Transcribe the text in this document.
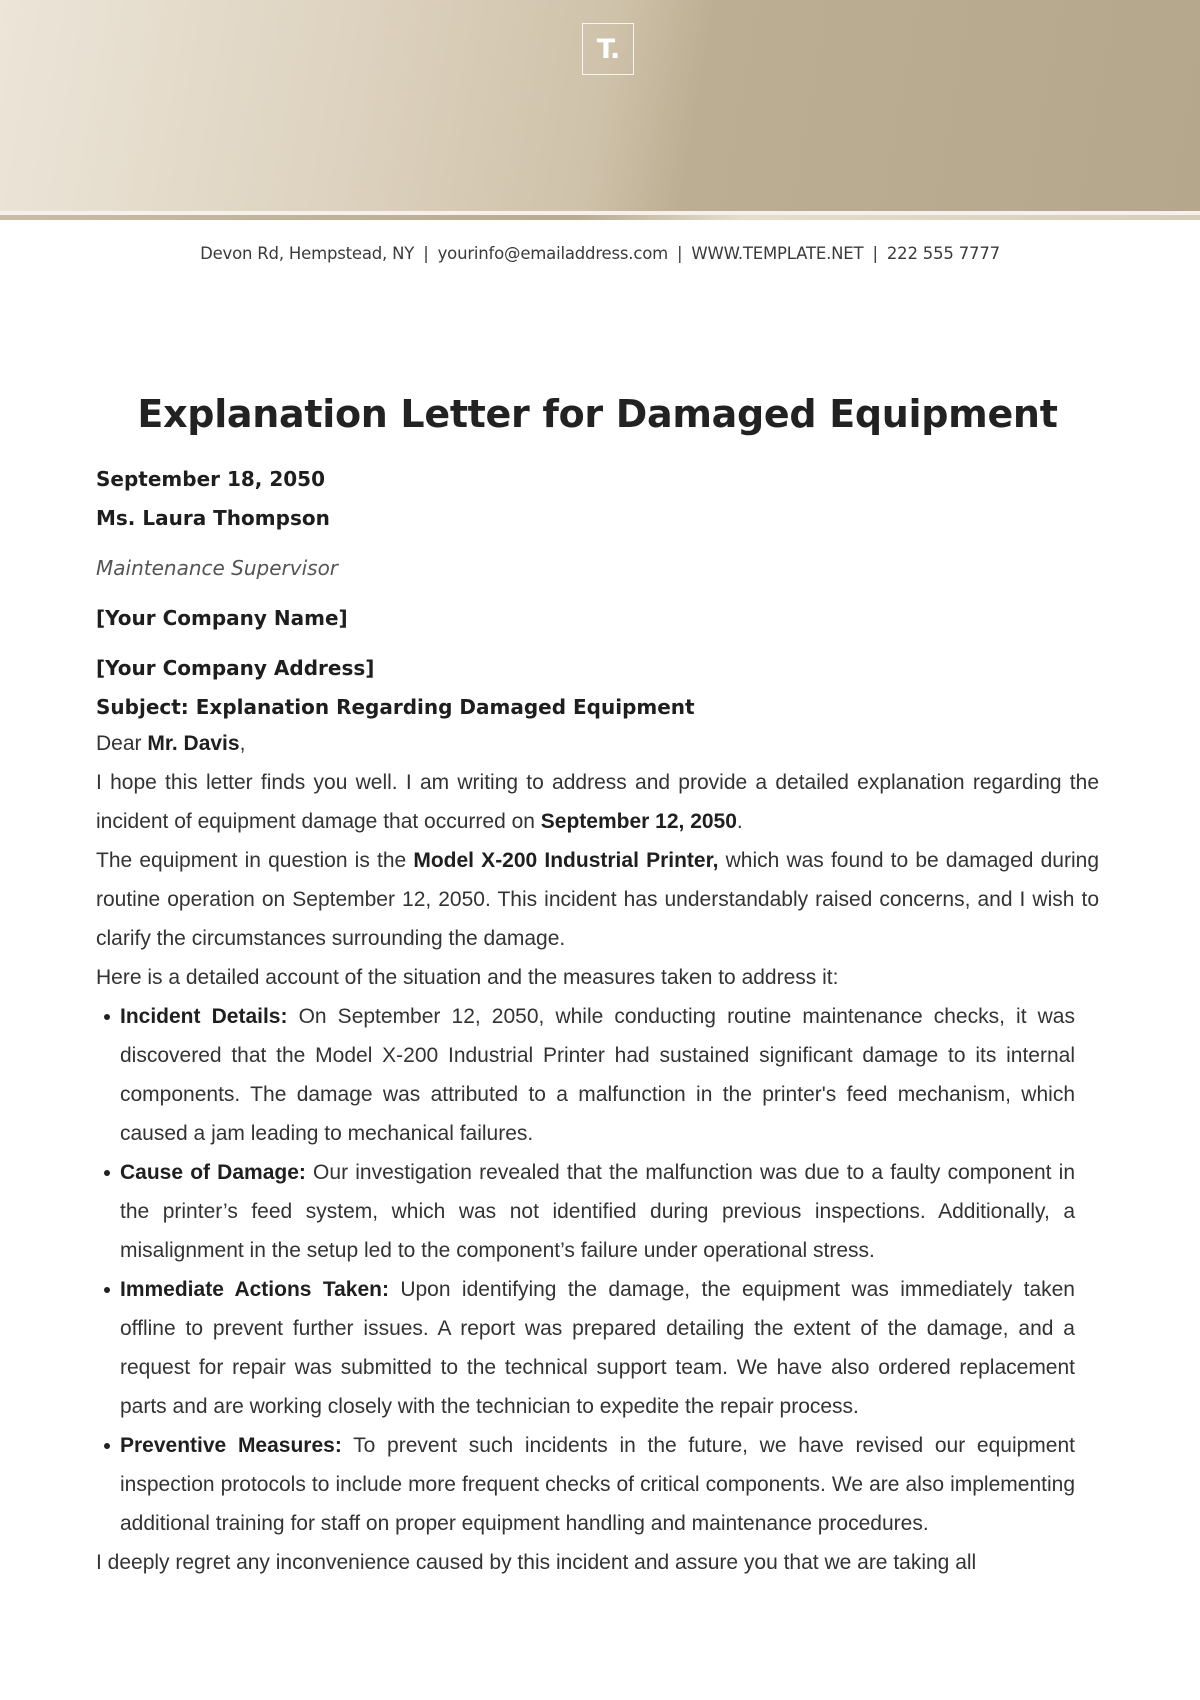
T.
Devon Rd, Hempstead, NY | yourinfo@emailaddress.com | WWW.TEMPLATE.NET | 222 555 7777
Explanation Letter for Damaged Equipment

September 18, 2050

Ms. Laura Thompson

Maintenance Supervisor

[Your Company Name]

[Your Company Address]

Subject: Explanation Regarding Damaged Equipment

Dear Mr. Davis,

I hope this letter finds you well. I am writing to address and provide a detailed explanation regarding the incident of equipment damage that occurred on September 12, 2050.

The equipment in question is the Model X-200 Industrial Printer, which was found to be damaged during routine operation on September 12, 2050. This incident has understandably raised concerns, and I wish to clarify the circumstances surrounding the damage.

Here is a detailed account of the situation and the measures taken to address it:

Incident Details: On September 12, 2050, while conducting routine maintenance checks, it was discovered that the Model X-200 Industrial Printer had sustained significant damage to its internal components. The damage was attributed to a malfunction in the printer's feed mechanism, which caused a jam leading to mechanical failures.
Cause of Damage: Our investigation revealed that the malfunction was due to a faulty component in the printer’s feed system, which was not identified during previous inspections. Additionally, a misalignment in the setup led to the component’s failure under operational stress.
Immediate Actions Taken: Upon identifying the damage, the equipment was immediately taken offline to prevent further issues. A report was prepared detailing the extent of the damage, and a request for repair was submitted to the technical support team. We have also ordered replacement parts and are working closely with the technician to expedite the repair process.
Preventive Measures: To prevent such incidents in the future, we have revised our equipment inspection protocols to include more frequent checks of critical components. We are also implementing additional training for staff on proper equipment handling and maintenance procedures.

I deeply regret any inconvenience caused by this incident and assure you that we are taking all
